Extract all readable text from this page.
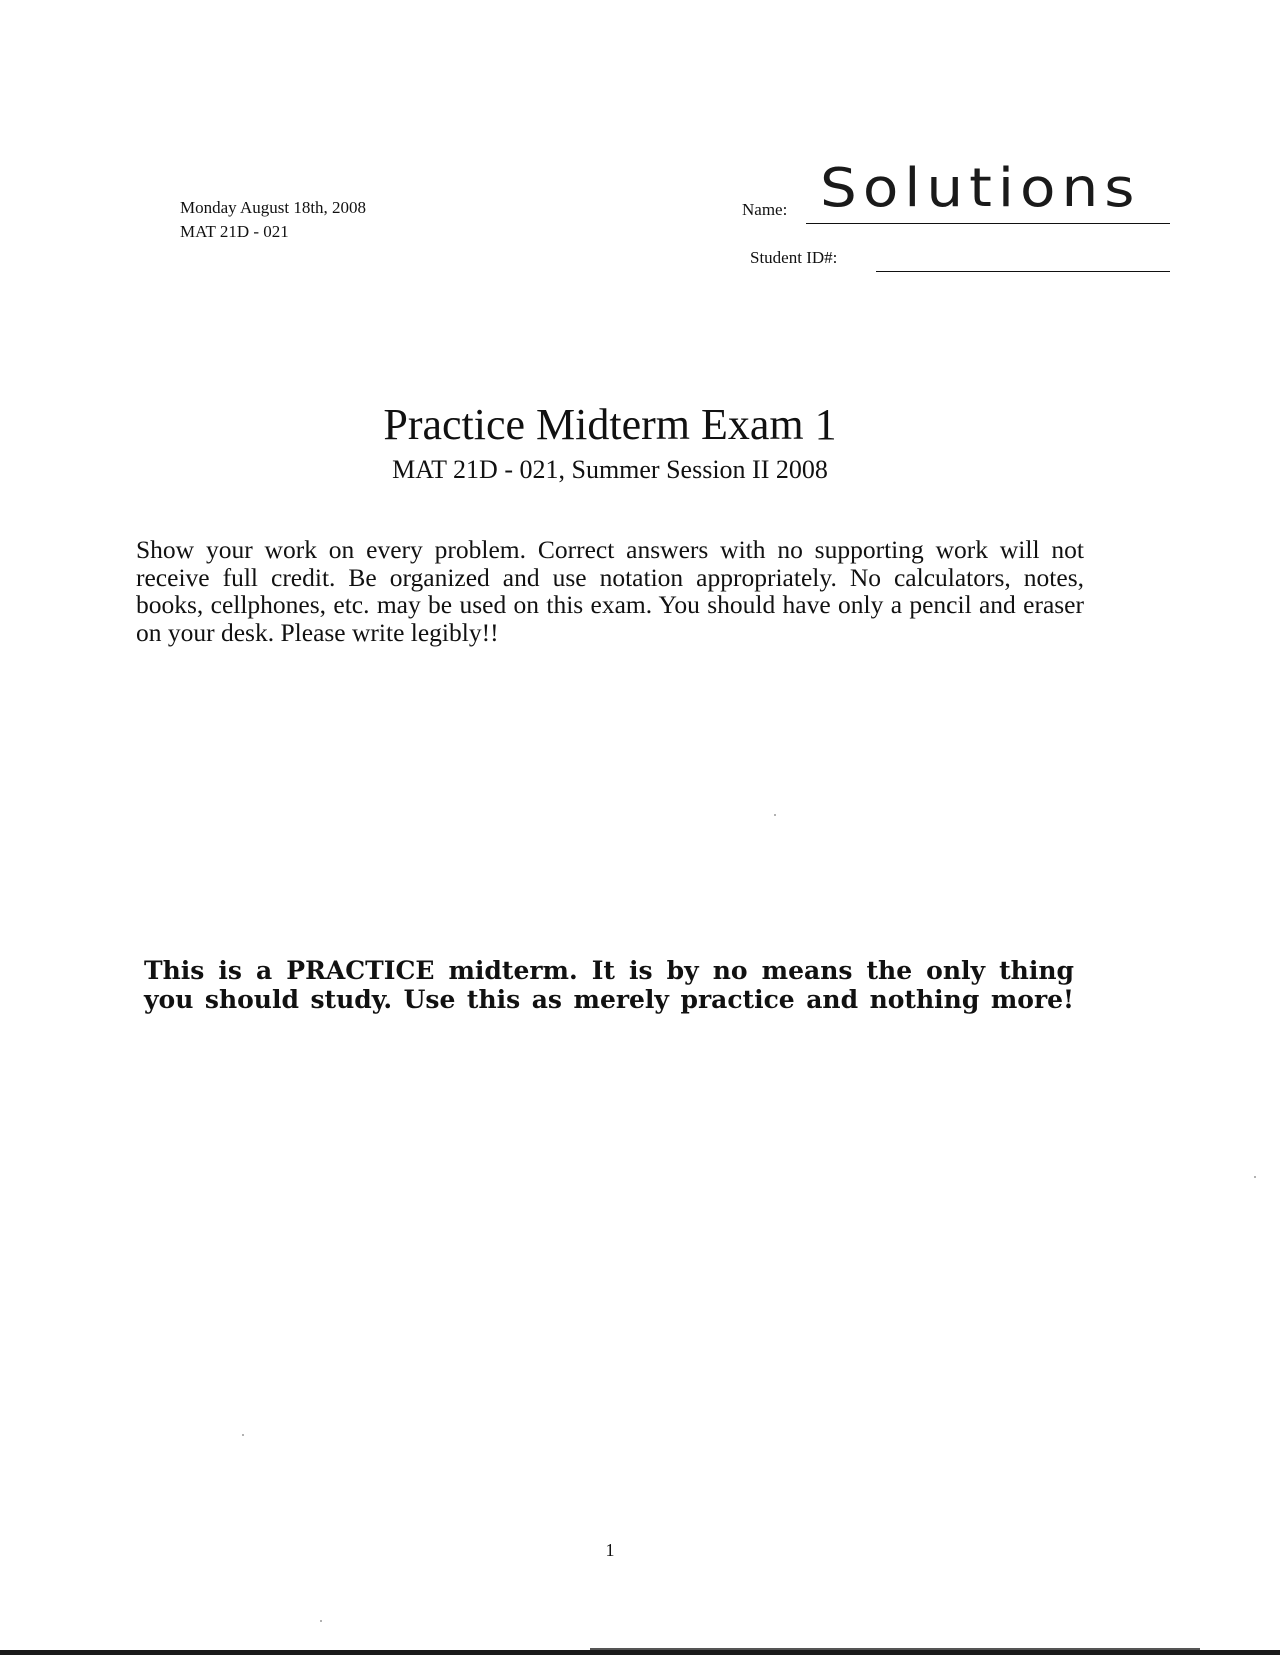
Monday August 18th, 2008
MAT 21D - 021
Name: Solutions
Student ID#:
Practice Midterm Exam 1
MAT 21D - 021, Summer Session II 2008
Show your work on every problem. Correct answers with no supporting work will not receive full credit. Be organized and use notation appropriately. No calculators, notes, books, cellphones, etc. may be used on this exam. You should have only a pencil and eraser on your desk. Please write legibly!!
This is a PRACTICE midterm. It is by no means the only thing
you should study. Use this as merely practice and nothing more!
1
